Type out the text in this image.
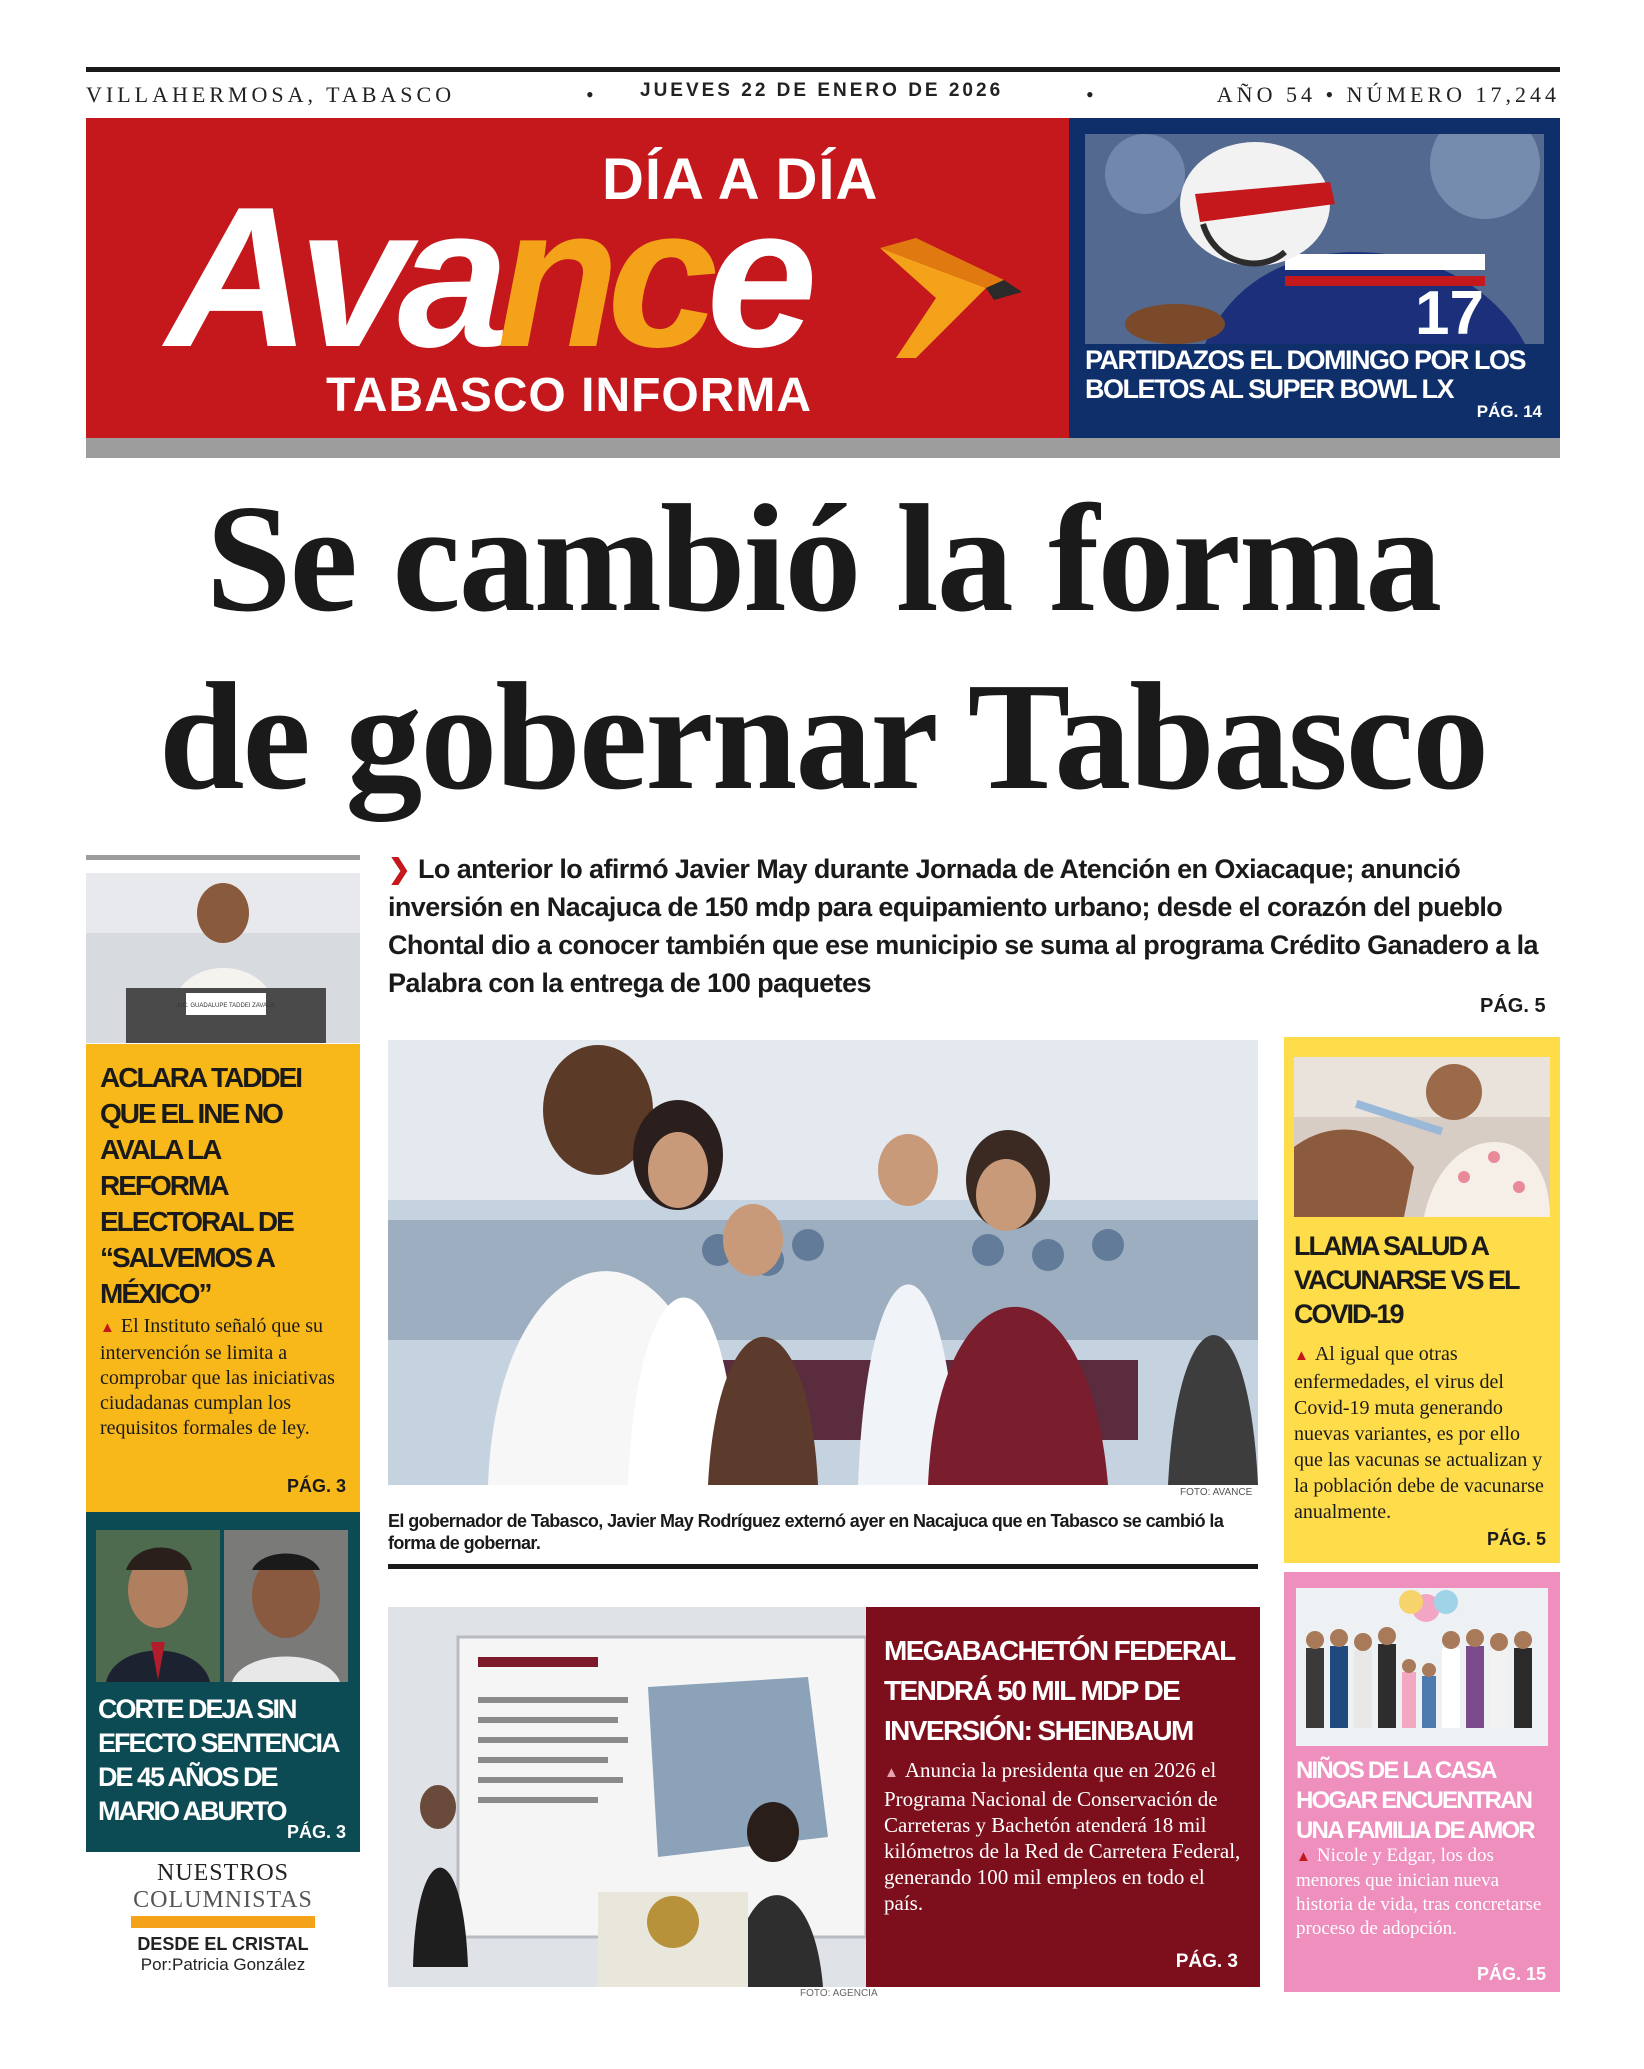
VILLAHERMOSA, TABASCO	• JUEVES 22 DE ENERO DE 2026	•	AÑO 54 • NÚMERO 17,244
DÍA A DÍA
Avance
TABASCO INFORMA
17
PARTIDAZOS EL DOMINGO POR LOS BOLETOS AL SUPER BOWL LX
PÁG. 14
Se cambió la forma
de gobernar Tabasco
❯ Lo anterior lo afirmó Javier May durante Jornada de Atención en Oxiacaque; anunció inversión en Nacajuca de 150 mdp para equipamiento urbano; desde el corazón del pueblo Chontal dio a conocer también que ese municipio se suma al programa Crédito Ganadero a la Palabra con la entrega de 100 paquetes
PÁG. 5
LIC. GUADALUPE TADDEI ZAVALA
ACLARA TADDEI QUE EL INE NO AVALA LA REFORMA ELECTORAL DE “SALVEMOS A MÉXICO”
▲ El Instituto señaló que su intervención se limita a comprobar que las iniciativas ciudadanas cumplan los requisitos formales de ley.
PÁG. 3
CORTE DEJA SIN EFECTO SENTENCIA DE 45 AÑOS DE MARIO ABURTO
PÁG. 3
NUESTROS
COLUMNISTAS
DESDE EL CRISTAL
Por:Patricia González
FOTO: AVANCE
El gobernador de Tabasco, Javier May Rodríguez externó ayer en Nacajuca que en Tabasco se cambió la forma de gobernar.
FOTO: AGENCIA
MEGABACHETÓN FEDERAL TENDRÁ 50 MIL MDP DE INVERSIÓN: SHEINBAUM
▲ Anuncia la presidenta que en 2026 el Programa Nacional de Conservación de Carreteras y Bachetón atenderá 18 mil kilómetros de la Red de Carretera Federal, generando 100 mil empleos en todo el país.
PÁG. 3
LLAMA SALUD A VACUNARSE VS EL COVID-19
▲ Al igual que otras enfermedades, el virus del Covid-19 muta generando nuevas variantes, es por ello que las vacunas se actualizan y la población debe de vacunarse anualmente.
PÁG. 5
NIÑOS DE LA CASA HOGAR ENCUENTRAN UNA FAMILIA DE AMOR
▲ Nicole y Edgar, los dos menores que inician nueva historia de vida, tras concretarse proceso de adopción.
PÁG. 15
